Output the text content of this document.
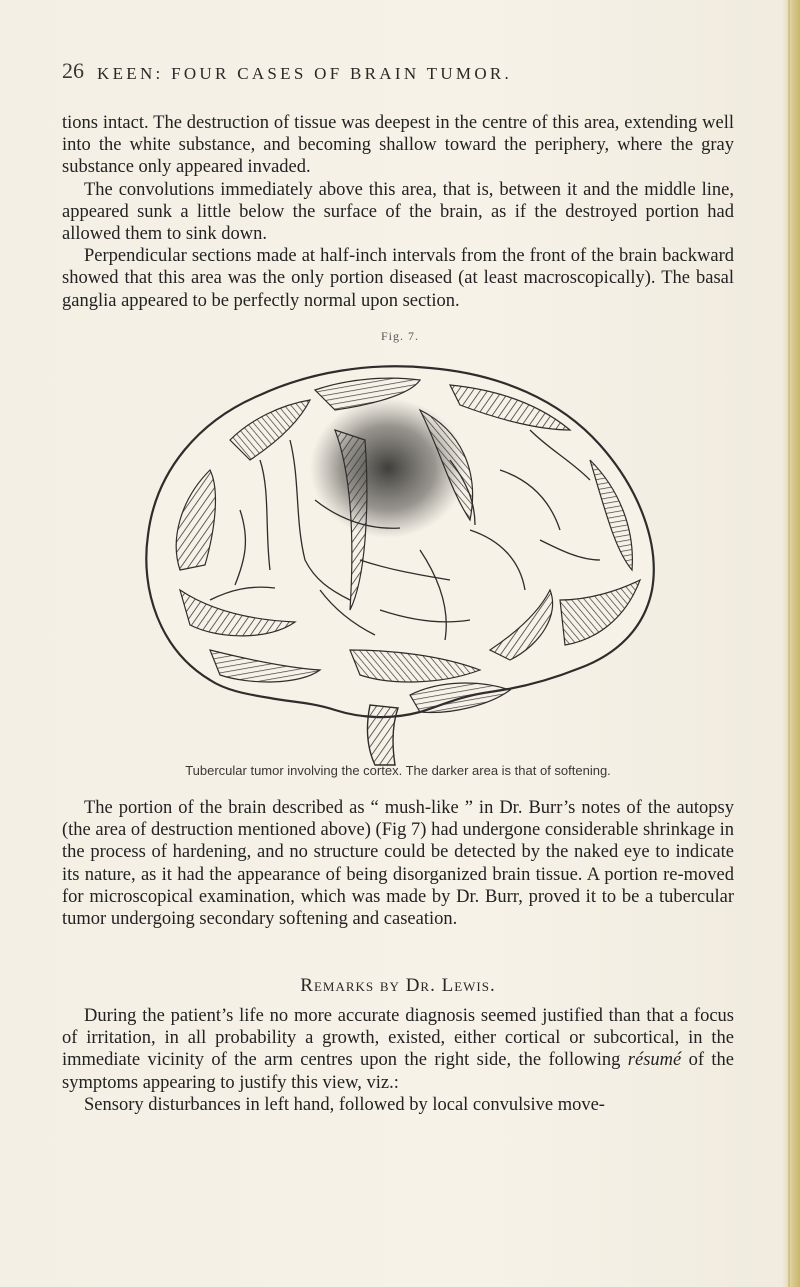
26 KEEN: FOUR CASES OF BRAIN TUMOR.

tions intact. The destruction of tissue was deepest in the centre of this area, extending well into the white substance, and becoming shallow toward the periphery, where the gray substance only appeared invaded.

The convolutions immediately above this area, that is, between it and the middle line, appeared sunk a little below the surface of the brain, as if the destroyed portion had allowed them to sink down.

Perpendicular sections made at half-inch intervals from the front of the brain backward showed that this area was the only portion diseased (at least macroscopically). The basal ganglia appeared to be perfectly normal upon section.

Fig. 7.
Tubercular tumor involving the cortex. The darker area is that of softening.

The portion of the brain described as “ mush-like ” in Dr. Burr’s notes of the autopsy (the area of destruction mentioned above) (Fig 7) had undergone considerable shrinkage in the process of hardening, and no structure could be detected by the naked eye to indicate its nature, as it had the appearance of being disorganized brain tissue. A portion re-moved for microscopical examination, which was made by Dr. Burr, proved it to be a tubercular tumor undergoing secondary softening and caseation.

Remarks by Dr. Lewis.

During the patient’s life no more accurate diagnosis seemed justified than that a focus of irritation, in all probability a growth, existed, either cortical or subcortical, in the immediate vicinity of the arm centres upon the right side, the following résumé of the symptoms appearing to justify this view, viz.:

Sensory disturbances in left hand, followed by local convulsive move-
